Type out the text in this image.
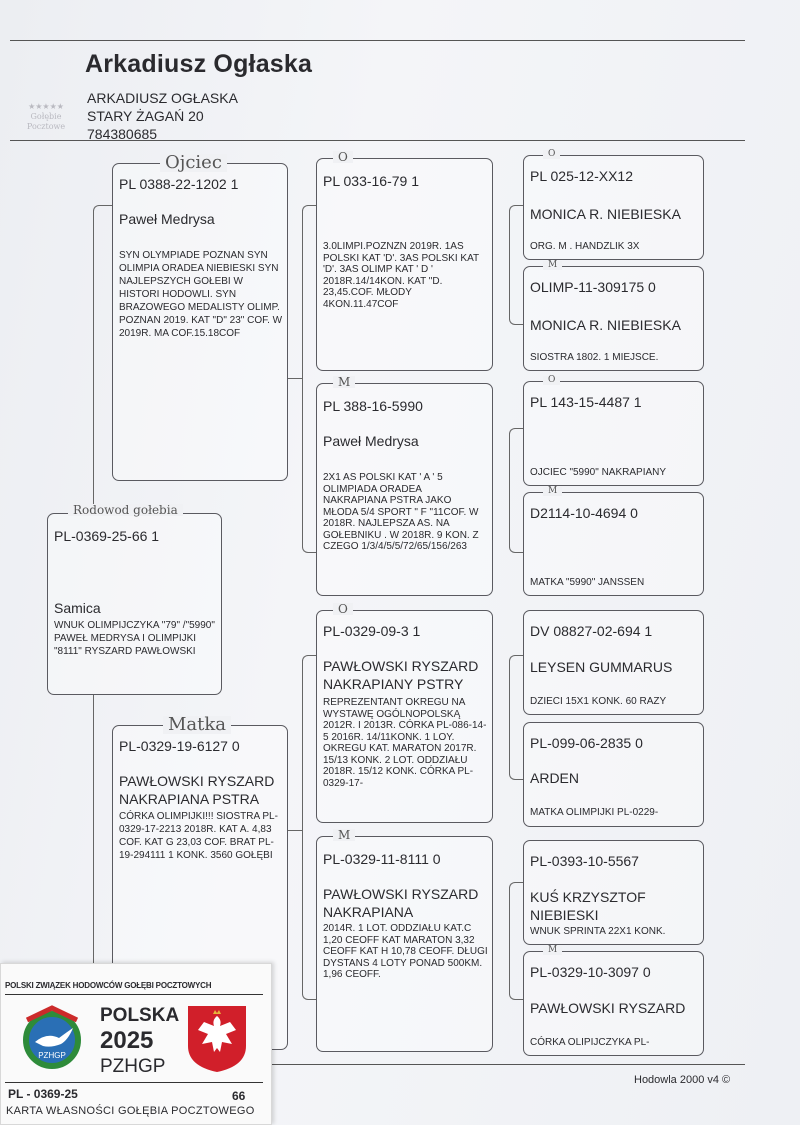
Arkadiusz Ogłaska
★★★★★
Gołębie
Pocztowe
ARKADIUSZ OGŁASKA
STARY ŻAGAŃ 20
784380685
PL-0369-25-66 1
Samica
WNUK OLIMPIJCZYKA "79" /"5990" PAWEŁ MEDRYSA I OLIMPIJKI "8111" RYSZARD PAWŁOWSKI
Rodowod gołebia
PL 0388-22-1202 1
Paweł Medrysa
SYN OLYMPIADE POZNAN SYN OLIMPIA ORADEA NIEBIESKI SYN NAJLEPSZYCH GOŁEBI W HISTORI HODOWLI. SYN BRAZOWEGO MEDALISTY OLIMP. POZNAN 2019. KAT "D" 23" COF. W 2019R. MA COF.15.18COF
Ojciec
PL-0329-19-6127 0
PAWŁOWSKI RYSZARD NAKRAPIANA PSTRA
CÓRKA OLIMPIJKI!!! SIOSTRA PL-0329-17-2213 2018R. KAT A. 4,83 COF. KAT G 23,03 COF. BRAT PL-19-294111 1 KONK. 3560 GOŁĘBI
Matka
PL 033-16-79 1
3.0LIMPI.POZNZN 2019R. 1AS POLSKI KAT 'D'. 3AS POLSKI KAT 'D'. 3AS OLIMP KAT ' D ' 2018R.14/14KON. KAT "D. 23,45.COF. MŁODY 4KON.11.47COF
O
PL 388-16-5990
Paweł Medrysa
2X1 AS POLSKI KAT ' A ' 5 OLIMPIADA ORADEA NAKRAPIANA PSTRA JAKO MŁODA 5/4 SPORT " F "11COF. W 2018R. NAJLEPSZA AS. NA GOŁEBNIKU . W 2018R. 9 KON. Z CZEGO 1/3/4/5/5/72/65/156/263
M
PL-0329-09-3 1
PAWŁOWSKI RYSZARD NAKRAPIANY PSTRY
REPREZENTANT OKREGU NA WYSTAWĘ OGÓLNOPOLSKĄ 2012R. I 2013R. CÓRKA PL-086-14-5 2016R. 14/11KONK. 1 LOY. OKREGU KAT. MARATON 2017R. 15/13 KONK. 2 LOT. ODDZIAŁU 2018R. 15/12 KONK. CÓRKA PL-0329-17-
O
PL-0329-11-8111 0
PAWŁOWSKI RYSZARD NAKRAPIANA
2014R. 1 LOT. ODDZIAŁU KAT.C 1,20 CEOFF KAT MARATON 3,32 CEOFF KAT H 10,78 CEOFF. DŁUGI DYSTANS 4 LOTY PONAD 500KM. 1,96 CEOFF.
M
PL 025-12-XX12
MONICA R. NIEBIESKA
ORG. M . HANDZLIK 3X
O
OLIMP-11-309175 0
MONICA R. NIEBIESKA
SIOSTRA 1802. 1 MIEJSCE.
M
PL 143-15-4487 1
OJCIEC "5990" NAKRAPIANY
O
D2114-10-4694 0
MATKA "5990" JANSSEN
M
DV 08827-02-694 1
LEYSEN GUMMARUS
DZIECI 15X1 KONK. 60 RAZY
PL-099-06-2835 0
ARDEN
MATKA OLIMPIJKI PL-0229-
PL-0393-10-5567
KUŚ KRZYSZTOF NIEBIESKI
WNUK SPRINTA 22X1 KONK.
PL-0329-10-3097 0
PAWŁOWSKI RYSZARD
CÓRKA OLIPIJCZYKA PL-
M
Hodowla 2000 v4 ©
POLSKI ZWIĄZEK HODOWCÓW GOŁĘBI POCZTOWYCH
PZHGP
POLSKA
2025
PZHGP
PL - 0369-25	66
KARTA WŁASNOŚCI GOŁĘBIA POCZTOWEGO
